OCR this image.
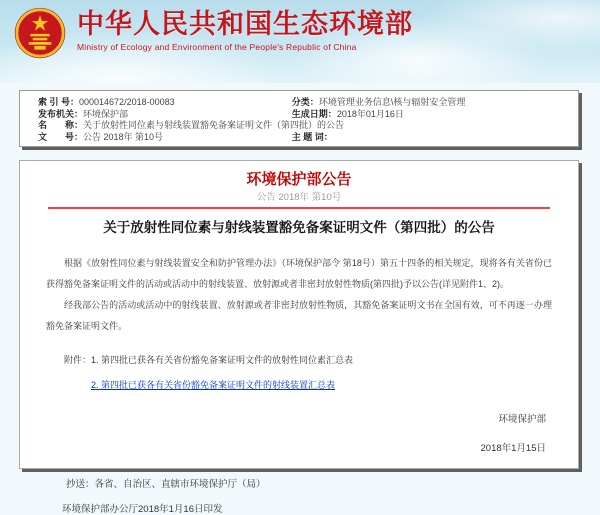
中华人民共和国生态环境部
Ministry of Ecology and Environment of the People's Republic of China
索 引 号：000014672/2018-00083
发布机关：环境保护部
名　　称：关于放射性同位素与射线装置豁免备案证明文件（第四批）的公告
文　　号：公告 2018年 第10号
分类：环境管理业务信息\核与辐射安全管理
生成日期：2018年01月16日
主 题 词：
环境保护部公告
公告 2018年 第10号
关于放射性同位素与射线装置豁免备案证明文件（第四批）的公告

根据《放射性同位素与射线装置安全和防护管理办法》（环境保护部令 第18号）第五十四条的相关规定，现将各有关省份已获得豁免备案证明文件的活动或活动中的射线装置、放射源或者非密封放射性物质(第四批)予以公告(详见附件1、2)。

经我部公告的活动或活动中的射线装置、放射源或者非密封放射性物质，其豁免备案证明文书在全国有效，可不再逐一办理豁免备案证明文件。

附件：1. 第四批已获各有关省份豁免备案证明文件的放射性同位素汇总表
2. 第四批已获各有关省份豁免备案证明文件的射线装置汇总表
环境保护部
2018年1月15日
抄送：各省、自治区、直辖市环境保护厅（局）
环境保护部办公厅2018年1月16日印发
